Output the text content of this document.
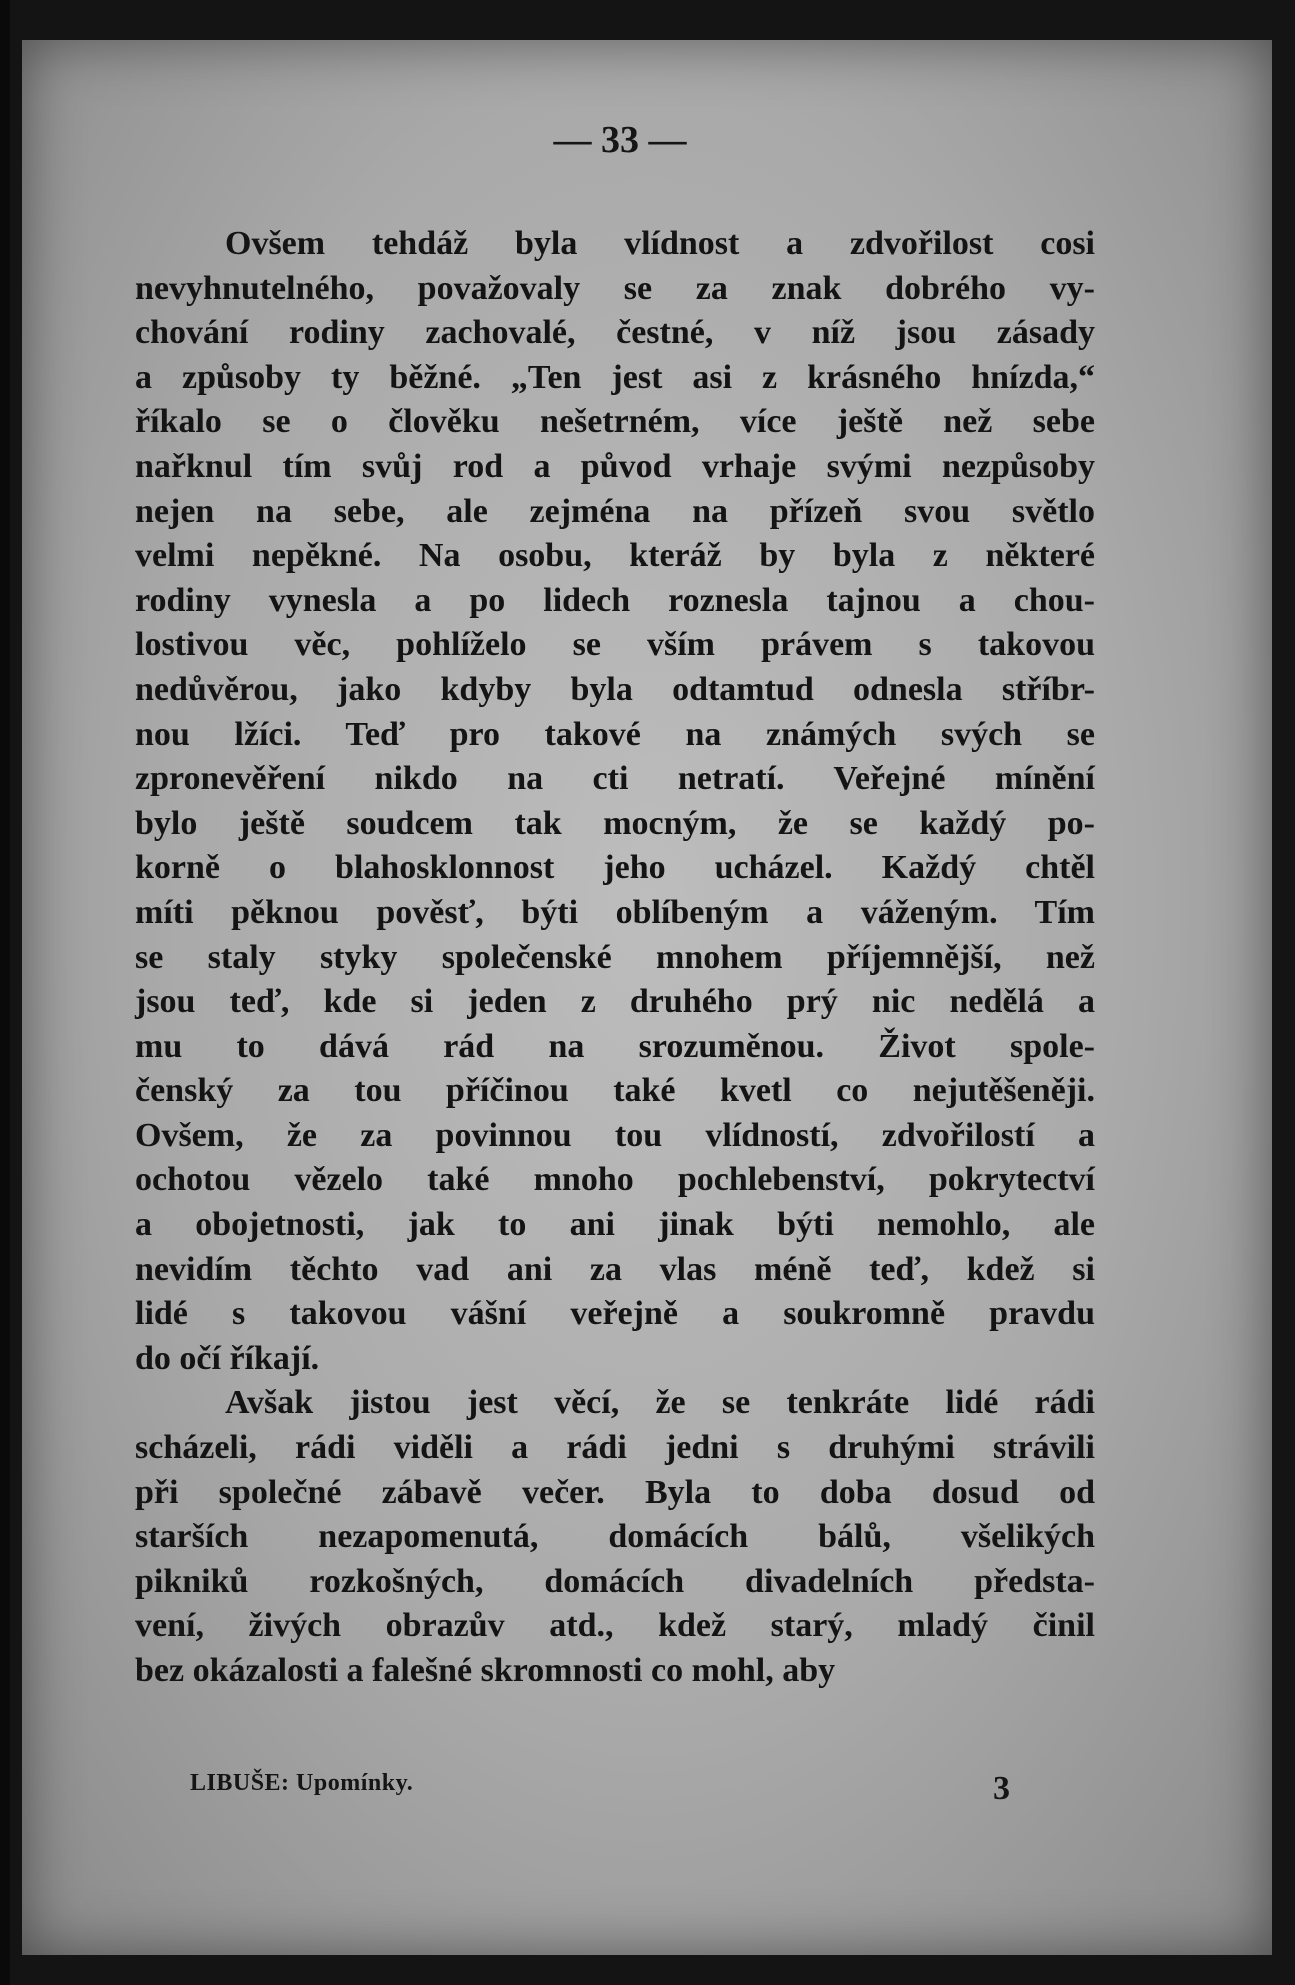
— 33 —
Ovšem tehdáž byla vlídnost a zdvořilost cosi
nevyhnutelného, považovaly se za znak dobrého vy-
chování rodiny zachovalé, čestné, v níž jsou zásady
a způsoby ty běžné. „Ten jest asi z krásného hnízda,“
říkalo se o člověku nešetrném, více ještě než sebe
nařknul tím svůj rod a původ vrhaje svými nezpůsoby
nejen na sebe, ale zejména na přízeň svou světlo
velmi nepěkné. Na osobu, kteráž by byla z některé
rodiny vynesla a po lidech roznesla tajnou a chou-
lostivou věc, pohlíželo se vším právem s takovou
nedůvěrou, jako kdyby byla odtamtud odnesla stříbr-
nou lžíci. Teď pro takové na známých svých se
zpronevěření nikdo na cti netratí. Veřejné mínění
bylo ještě soudcem tak mocným, že se každý po-
korně o blahosklonnost jeho ucházel. Každý chtěl
míti pěknou pověsť, býti oblíbeným a váženým. Tím
se staly styky společenské mnohem příjemnější, než
jsou teď, kde si jeden z druhého prý nic nedělá a
mu to dává rád na srozuměnou. Život spole-
čenský za tou příčinou také kvetl co nejutěšeněji.
Ovšem, že za povinnou tou vlídností, zdvořilostí a
ochotou vězelo také mnoho pochlebenství, pokrytectví
a obojetnosti, jak to ani jinak býti nemohlo, ale
nevidím těchto vad ani za vlas méně teď, kdež si
lidé s takovou vášní veřejně a soukromně pravdu
do očí říkají.
Avšak jistou jest věcí, že se tenkráte lidé rádi
scházeli, rádi viděli a rádi jedni s druhými strávili
při společné zábavě večer. Byla to doba dosud od
starších nezapomenutá, domácích bálů, všelikých
pikniků rozkošných, domácích divadelních předsta-
vení, živých obrazův atd., kdež starý, mladý činil
bez okázalosti a falešné skromnosti co mohl, aby
LIBUŠE: Upomínky.	3
